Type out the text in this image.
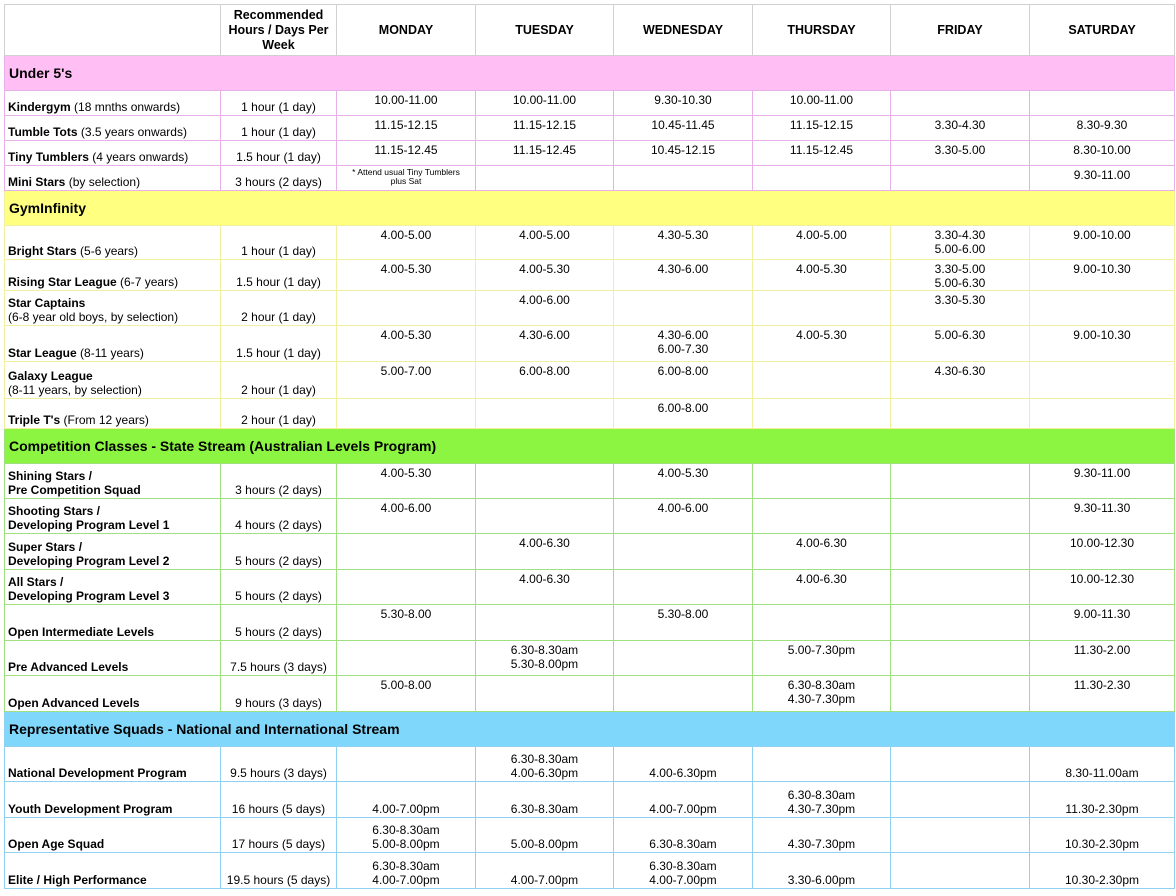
	Recommended
Hours / Days Per
Week	MONDAY	TUESDAY	WEDNESDAY	THURSDAY	FRIDAY	SATURDAY
Under 5's							
Kindergym (18 mnths onwards)	1 hour (1 day)	10.00-11.00	10.00-11.00	9.30-10.30	10.00-11.00		
Tumble Tots (3.5 years onwards)	1 hour (1 day)	11.15-12.15	11.15-12.15	10.45-11.45	11.15-12.15	3.30-4.30	8.30-9.30
Tiny Tumblers (4 years onwards)	1.5 hour (1 day)	11.15-12.45	11.15-12.45	10.45-12.15	11.15-12.45	3.30-5.00	8.30-10.00
Mini Stars (by selection)	3 hours (2 days)	* Attend usual Tiny Tumblers
plus Sat					9.30-11.00
GymInfinity							
Bright Stars (5-6 years)	1 hour (1 day)	4.00-5.00	4.00-5.00	4.30-5.30	4.00-5.00	3.30-4.30
5.00-6.00	9.00-10.00
Rising Star League (6-7 years)	1.5 hour (1 day)	4.00-5.30	4.00-5.30	4.30-6.00	4.00-5.30	3.30-5.00
5.00-6.30	9.00-10.30
Star Captains
(6-8 year old boys, by selection)	2 hour (1 day)		4.00-6.00			3.30-5.30	
Star League (8-11 years)	1.5 hour (1 day)	4.00-5.30	4.30-6.00	4.30-6.00
6.00-7.30	4.00-5.30	5.00-6.30	9.00-10.30
Galaxy League
(8-11 years, by selection)	2 hour (1 day)	5.00-7.00	6.00-8.00	6.00-8.00		4.30-6.30	
Triple T's (From 12 years)	2 hour (1 day)			6.00-8.00			
Competition Classes - State Stream (Australian Levels Program)							
Shining Stars /
Pre Competition Squad	3 hours (2 days)	4.00-5.30		4.00-5.30			9.30-11.00
Shooting Stars /
Developing Program Level 1	4 hours (2 days)	4.00-6.00		4.00-6.00			9.30-11.30
Super Stars /
Developing Program Level 2	5 hours (2 days)		4.00-6.30		4.00-6.30		10.00-12.30
All Stars /
Developing Program Level 3	5 hours (2 days)		4.00-6.30		4.00-6.30		10.00-12.30
Open Intermediate Levels	5 hours (2 days)	5.30-8.00		5.30-8.00			9.00-11.30
Pre Advanced Levels	7.5 hours (3 days)		6.30-8.30am
5.30-8.00pm		5.00-7.30pm		11.30-2.00
Open Advanced Levels	9 hours (3 days)	5.00-8.00			6.30-8.30am
4.30-7.30pm		11.30-2.30
Representative Squads - National and International Stream							
National Development Program	9.5 hours (3 days)		6.30-8.30am
4.00-6.30pm	4.00-6.30pm			8.30-11.00am
Youth Development Program	16 hours (5 days)	4.00-7.00pm	6.30-8.30am	4.00-7.00pm	6.30-8.30am
4.30-7.30pm		11.30-2.30pm
Open Age Squad	17 hours (5 days)	6.30-8.30am
5.00-8.00pm	5.00-8.00pm	6.30-8.30am	4.30-7.30pm		10.30-2.30pm
Elite / High Performance	19.5 hours (5 days)	6.30-8.30am
4.00-7.00pm	4.00-7.00pm	6.30-8.30am
4.00-7.00pm	3.30-6.00pm		10.30-2.30pm
